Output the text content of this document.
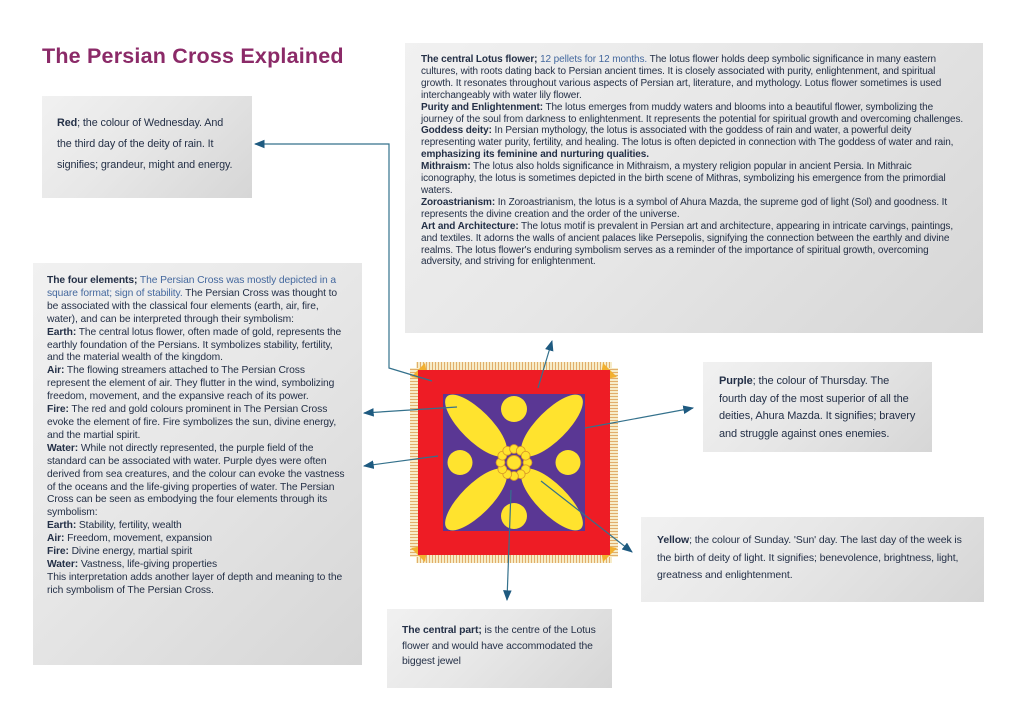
The Persian Cross Explained

Red; the colour of Wednesday. And the third day of the deity of rain. It signifies; grandeur, might and energy.

The central Lotus flower; 12 pellets for 12 months. The lotus flower holds deep symbolic significance in many eastern cultures, with roots dating back to Persian ancient times. It is closely associated with purity, enlightenment, and spiritual growth. It resonates throughout various aspects of Persian art, literature, and mythology. Lotus flower sometimes is used interchangeably with water lily flower.

Purity and Enlightenment: The lotus emerges from muddy waters and blooms into a beautiful flower, symbolizing the journey of the soul from darkness to enlightenment. It represents the potential for spiritual growth and overcoming challenges.

Goddess deity: In Persian mythology, the lotus is associated with the goddess of rain and water, a powerful deity representing water purity, fertility, and healing. The lotus is often depicted in connection with The goddess of water and rain, emphasizing its feminine and nurturing qualities.

Mithraism: The lotus also holds significance in Mithraism, a mystery religion popular in ancient Persia. In Mithraic iconography, the lotus is sometimes depicted in the birth scene of Mithras, symbolizing his emergence from the primordial waters.

Zoroastrianism: In Zoroastrianism, the lotus is a symbol of Ahura Mazda, the supreme god of light (Sol) and goodness. It represents the divine creation and the order of the universe.

Art and Architecture: The lotus motif is prevalent in Persian art and architecture, appearing in intricate carvings, paintings, and textiles. It adorns the walls of ancient palaces like Persepolis, signifying the connection between the earthly and divine realms. The lotus flower's enduring symbolism serves as a reminder of the importance of spiritual growth, overcoming adversity, and striving for enlightenment.

The four elements; The Persian Cross was mostly depicted in a square format; sign of stability. The Persian Cross was thought to be associated with the classical four elements (earth, air, fire, water), and can be interpreted through their symbolism:

Earth: The central lotus flower, often made of gold, represents the earthly foundation of the Persians. It symbolizes stability, fertility, and the material wealth of the kingdom.

Air: The flowing streamers attached to The Persian Cross represent the element of air. They flutter in the wind, symbolizing freedom, movement, and the expansive reach of its power.

Fire: The red and gold colours prominent in The Persian Cross evoke the element of fire. Fire symbolizes the sun, divine energy, and the martial spirit.

Water: While not directly represented, the purple field of the standard can be associated with water. Purple dyes were often derived from sea creatures, and the colour can evoke the vastness of the oceans and the life-giving properties of water. The Persian Cross can be seen as embodying the four elements through its symbolism:

Earth: Stability, fertility, wealth

Air: Freedom, movement, expansion

Fire: Divine energy, martial spirit

Water: Vastness, life-giving properties

This interpretation adds another layer of depth and meaning to the rich symbolism of The Persian Cross.

Purple; the colour of Thursday. The fourth day of the most superior of all the deities, Ahura Mazda. It signifies; bravery and struggle against ones enemies.

Yellow; the colour of Sunday. 'Sun' day. The last day of the week is the birth of deity of light. It signifies; benevolence, brightness, light, greatness and enlightenment.

The central part; is the centre of the Lotus flower and would have accommodated the biggest jewel
